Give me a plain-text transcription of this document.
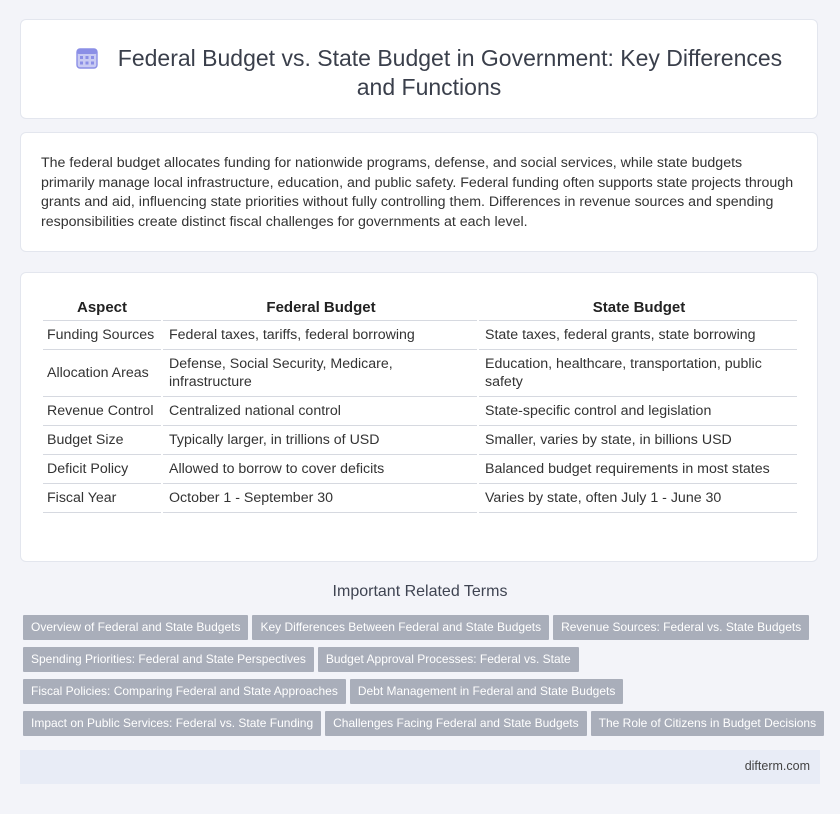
Federal Budget vs. State Budget in Government: Key Differences and Functions
The federal budget allocates funding for nationwide programs, defense, and social services, while state budgets primarily manage local infrastructure, education, and public safety. Federal funding often supports state projects through grants and aid, influencing state priorities without fully controlling them. Differences in revenue sources and spending responsibilities create distinct fiscal challenges for governments at each level.
Aspect	Federal Budget	State Budget
Funding Sources	Federal taxes, tariffs, federal borrowing	State taxes, federal grants, state borrowing
Allocation Areas	Defense, Social Security, Medicare, infrastructure	Education, healthcare, transportation, public safety
Revenue Control	Centralized national control	State-specific control and legislation
Budget Size	Typically larger, in trillions of USD	Smaller, varies by state, in billions USD
Deficit Policy	Allowed to borrow to cover deficits	Balanced budget requirements in most states
Fiscal Year	October 1 - September 30	Varies by state, often July 1 - June 30
Important Related Terms
Overview of Federal and State Budgets Key Differences Between Federal and State Budgets Revenue Sources: Federal vs. State Budgets
Spending Priorities: Federal and State Perspectives Budget Approval Processes: Federal vs. State
Fiscal Policies: Comparing Federal and State Approaches Debt Management in Federal and State Budgets
Impact on Public Services: Federal vs. State Funding Challenges Facing Federal and State Budgets The Role of Citizens in Budget Decisions
difterm.com
